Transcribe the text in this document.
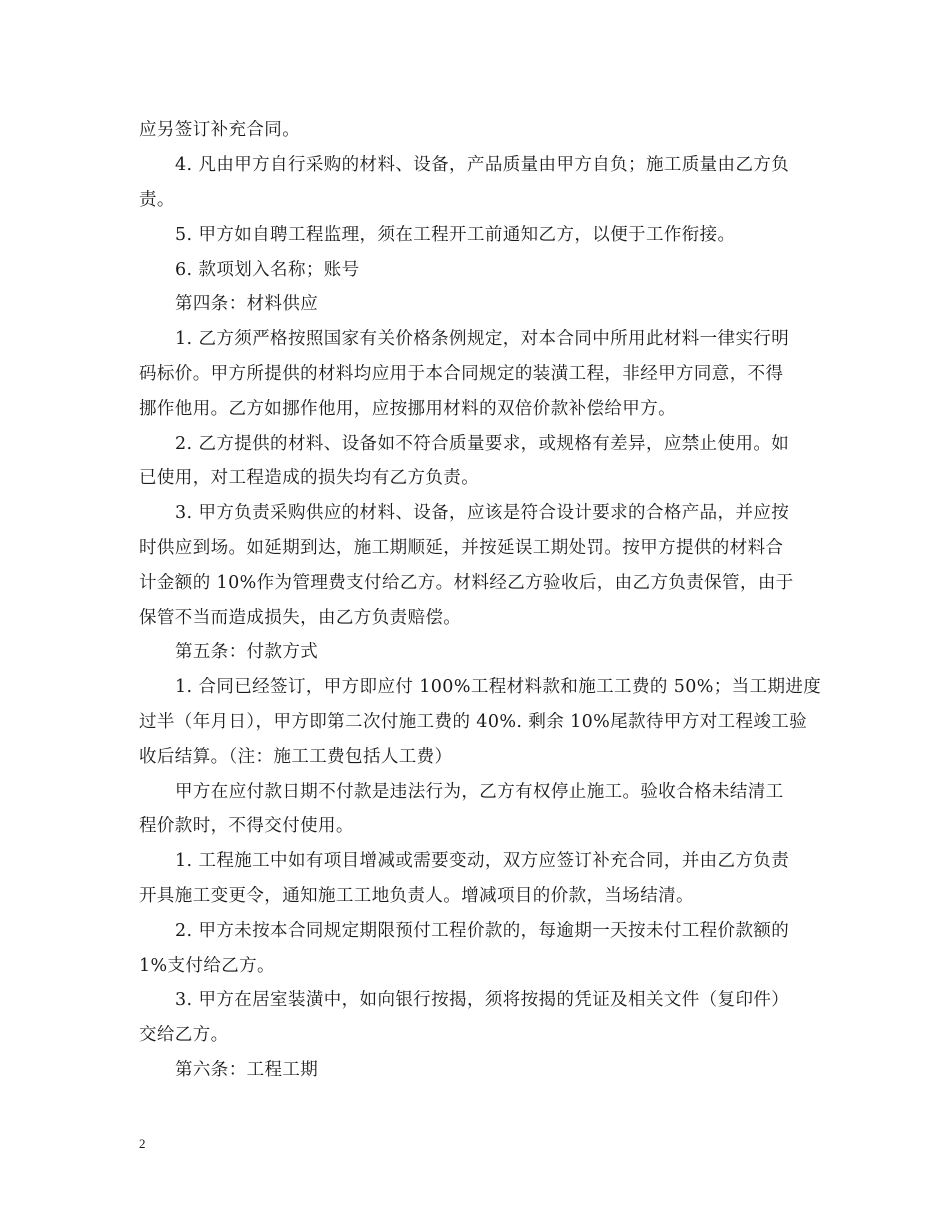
应另签订补充合同。
4. 凡由甲方自行采购的材料、设备，产品质量由甲方自负；施工质量由乙方负
责。
5. 甲方如自聘工程监理，须在工程开工前通知乙方，以便于工作衔接。
6. 款项划入名称；账号
第四条：材料供应
1. 乙方须严格按照国家有关价格条例规定，对本合同中所用此材料一律实行明
码标价。甲方所提供的材料均应用于本合同规定的装潢工程，非经甲方同意，不得
挪作他用。乙方如挪作他用，应按挪用材料的双倍价款补偿给甲方。
2. 乙方提供的材料、设备如不符合质量要求，或规格有差异，应禁止使用。如
已使用，对工程造成的损失均有乙方负责。
3. 甲方负责采购供应的材料、设备，应该是符合设计要求的合格产品，并应按
时供应到场。如延期到达，施工期顺延，并按延误工期处罚。按甲方提供的材料合
计金额的 10%作为管理费支付给乙方。材料经乙方验收后，由乙方负责保管，由于
保管不当而造成损失，由乙方负责赔偿。
第五条：付款方式
1. 合同已经签订，甲方即应付 100%工程材料款和施工工费的 50%；当工期进度
过半（年月日），甲方即第二次付施工费的 40%. 剩余 10%尾款待甲方对工程竣工验
收后结算。（注：施工工费包括人工费）
甲方在应付款日期不付款是违法行为，乙方有权停止施工。验收合格未结清工
程价款时，不得交付使用。
1. 工程施工中如有项目增减或需要变动，双方应签订补充合同，并由乙方负责
开具施工变更令，通知施工工地负责人。增减项目的价款，当场结清。
2. 甲方未按本合同规定期限预付工程价款的，每逾期一天按未付工程价款额的
1%支付给乙方。
3. 甲方在居室装潢中，如向银行按揭，须将按揭的凭证及相关文件（复印件）
交给乙方。
第六条：工程工期
2
